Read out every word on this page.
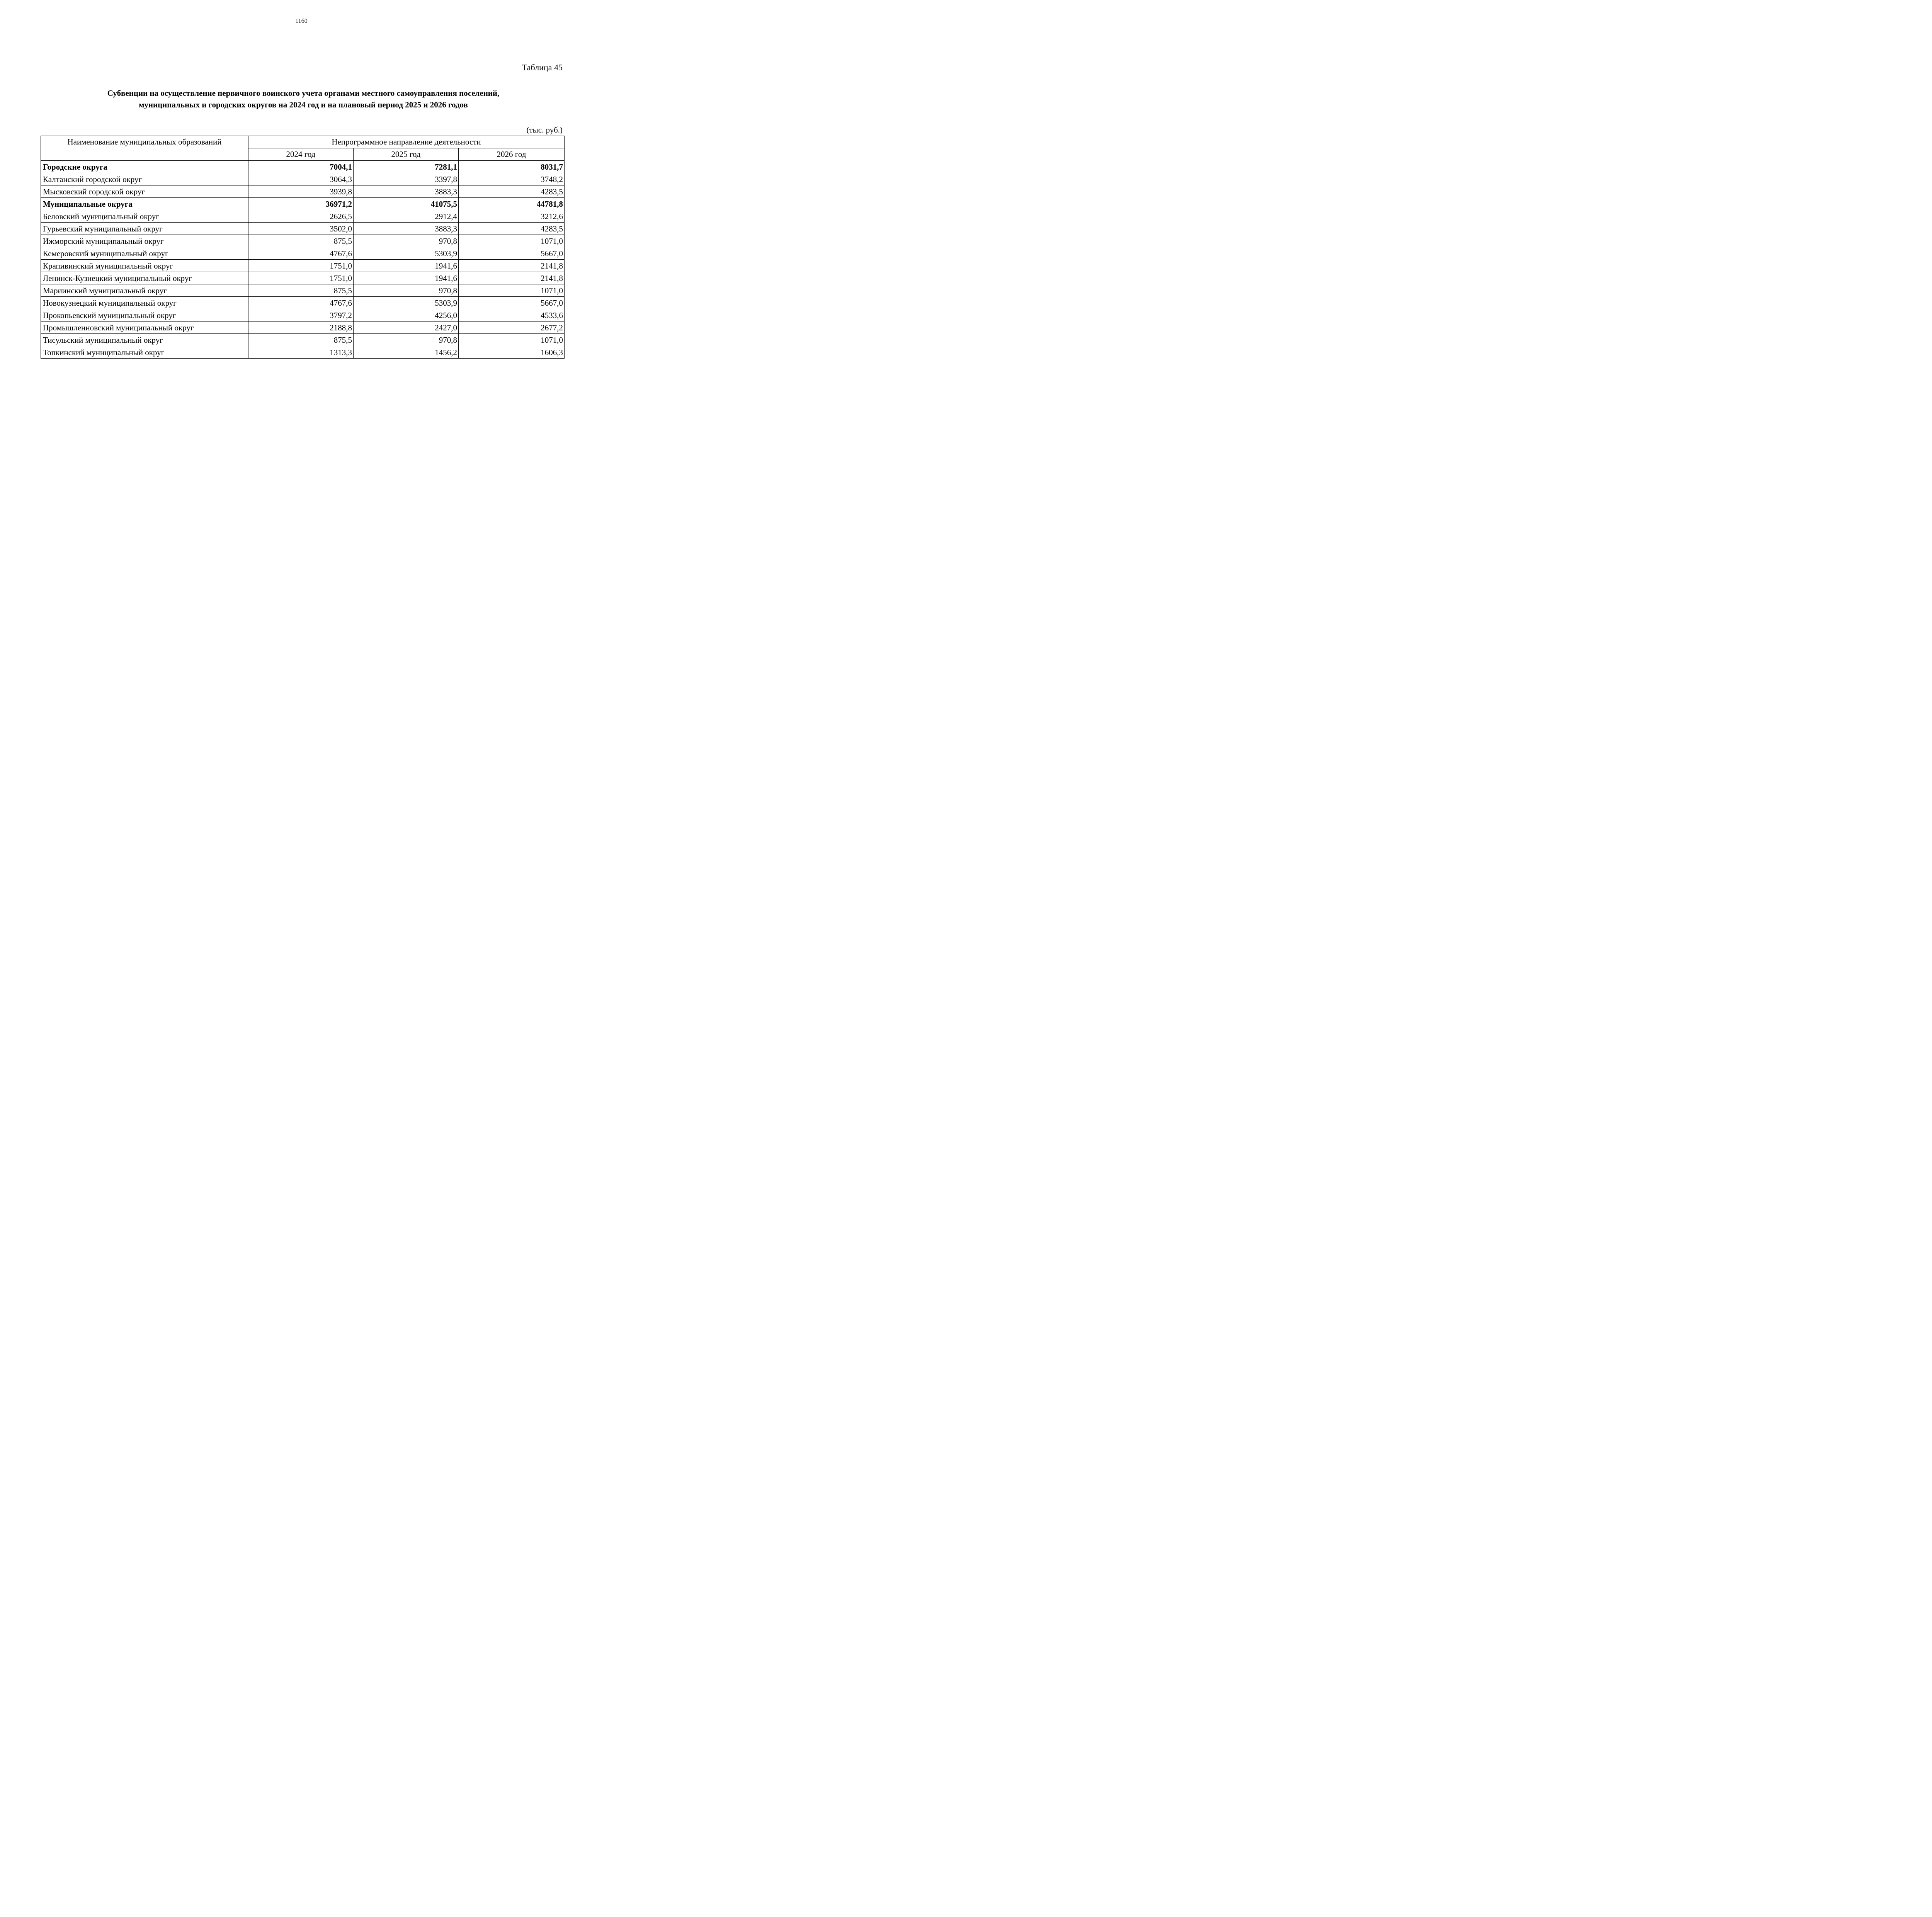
1160
Таблица 45
Субвенции на осуществление первичного воинского учета органами местного самоуправления поселений,
муниципальных и городских округов на 2024 год и на плановый период 2025 и 2026 годов
(тыс. руб.)
Наименование муниципальных образований	Непрограммное направление деятельности		
	2024 год	2025 год	2026 год
Городские округа	7004,1	7281,1	8031,7
Калтанский городской округ	3064,3	3397,8	3748,2
Мысковский городской округ	3939,8	3883,3	4283,5
Муниципальные округа	36971,2	41075,5	44781,8
Беловский муниципальный округ	2626,5	2912,4	3212,6
Гурьевский муниципальный округ	3502,0	3883,3	4283,5
Ижморский муниципальный округ	875,5	970,8	1071,0
Кемеровский муниципальный округ	4767,6	5303,9	5667,0
Крапивинский муниципальный округ	1751,0	1941,6	2141,8
Ленинск-Кузнецкий муниципальный округ	1751,0	1941,6	2141,8
Мариинский муниципальный округ	875,5	970,8	1071,0
Новокузнецкий муниципальный округ	4767,6	5303,9	5667,0
Прокопьевский муниципальный округ	3797,2	4256,0	4533,6
Промышленновский муниципальный округ	2188,8	2427,0	2677,2
Тисульский муниципальный округ	875,5	970,8	1071,0
Топкинский муниципальный округ	1313,3	1456,2	1606,3
